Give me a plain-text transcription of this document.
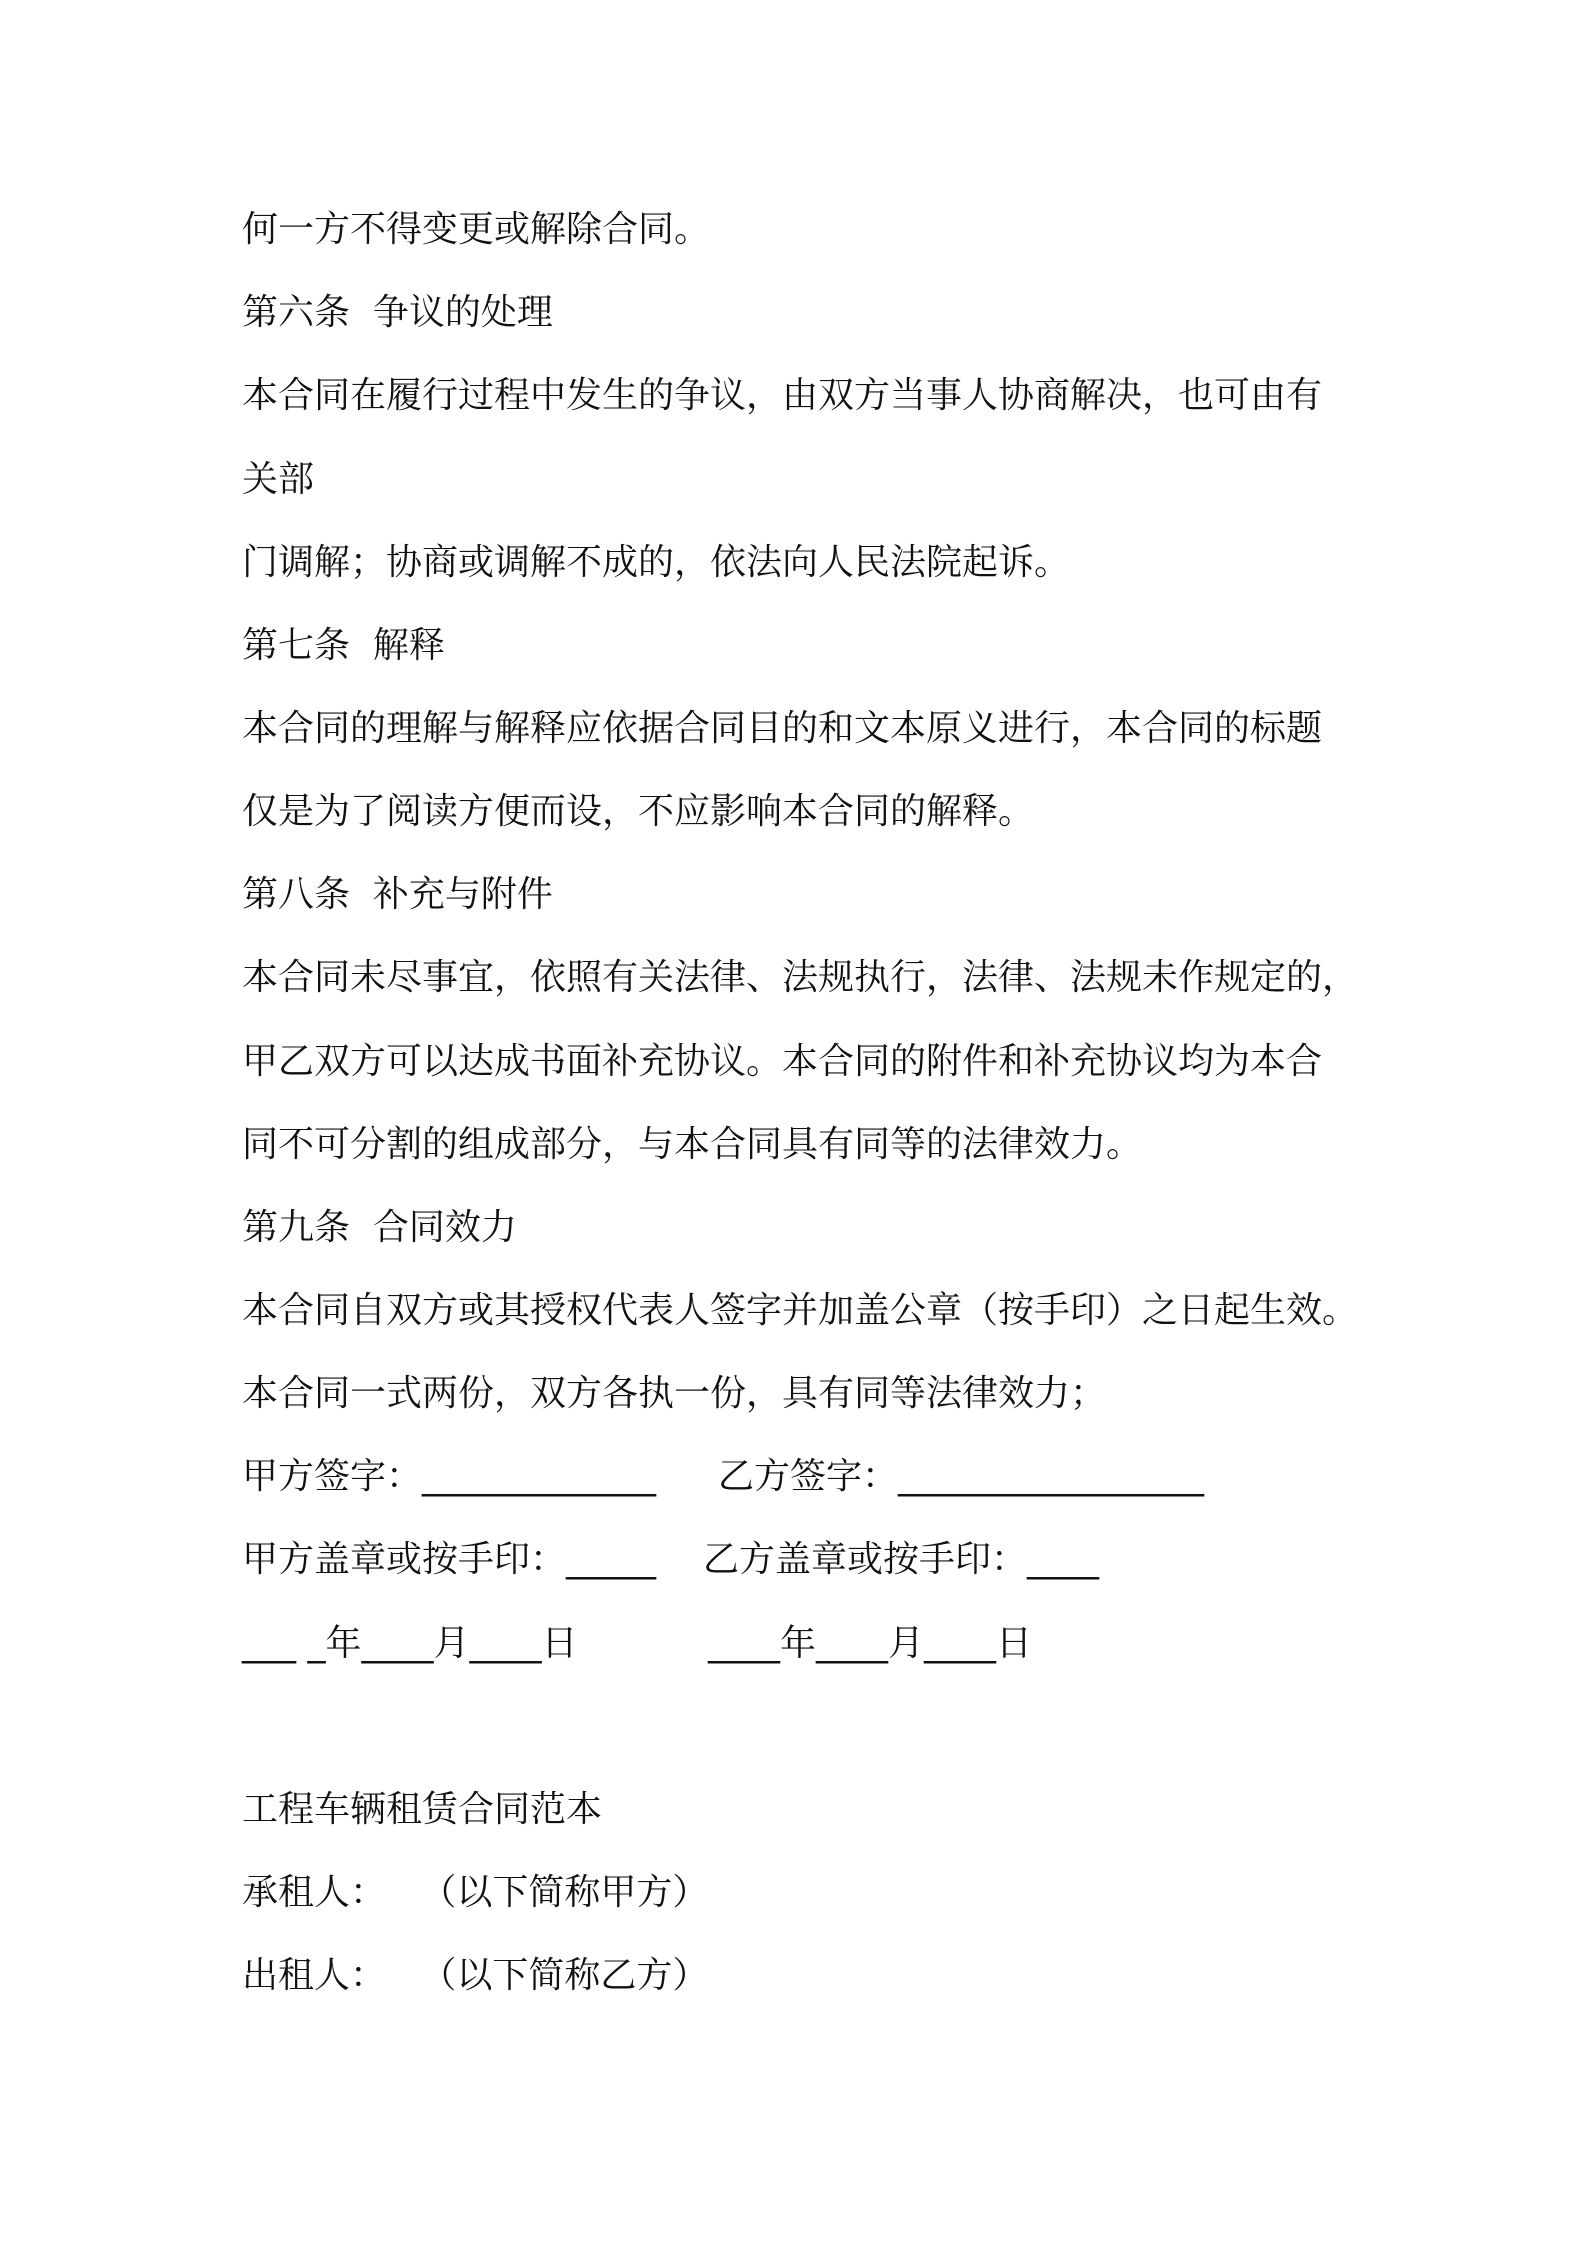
何一方不得变更或解除合同。
第六条  争议的处理
本合同在履行过程中发生的争议，由双方当事人协商解决，也可由有
关部
门调解；协商或调解不成的，依法向人民法院起诉。
第七条  解释
本合同的理解与解释应依据合同目的和文本原义进行，本合同的标题
仅是为了阅读方便而设，不应影响本合同的解释。
第八条  补充与附件
本合同未尽事宜，依照有关法律、法规执行，法律、法规未作规定的，
甲乙双方可以达成书面补充协议。本合同的附件和补充协议均为本合
同不可分割的组成部分，与本合同具有同等的法律效力。
第九条  合同效力
本合同自双方或其授权代表人签字并加盖公章（按手印）之日起生效。
本合同一式两份，双方各执一份，具有同等法律效力；
甲方签字：_____________ 乙方签字：_________________
甲方盖章或按手印：_____ 乙方盖章或按手印：____
___ _年____月____日	____年____月____日
工程车辆租赁合同范本
承租人：   （以下简称甲方）
出租人：   （以下简称乙方）
